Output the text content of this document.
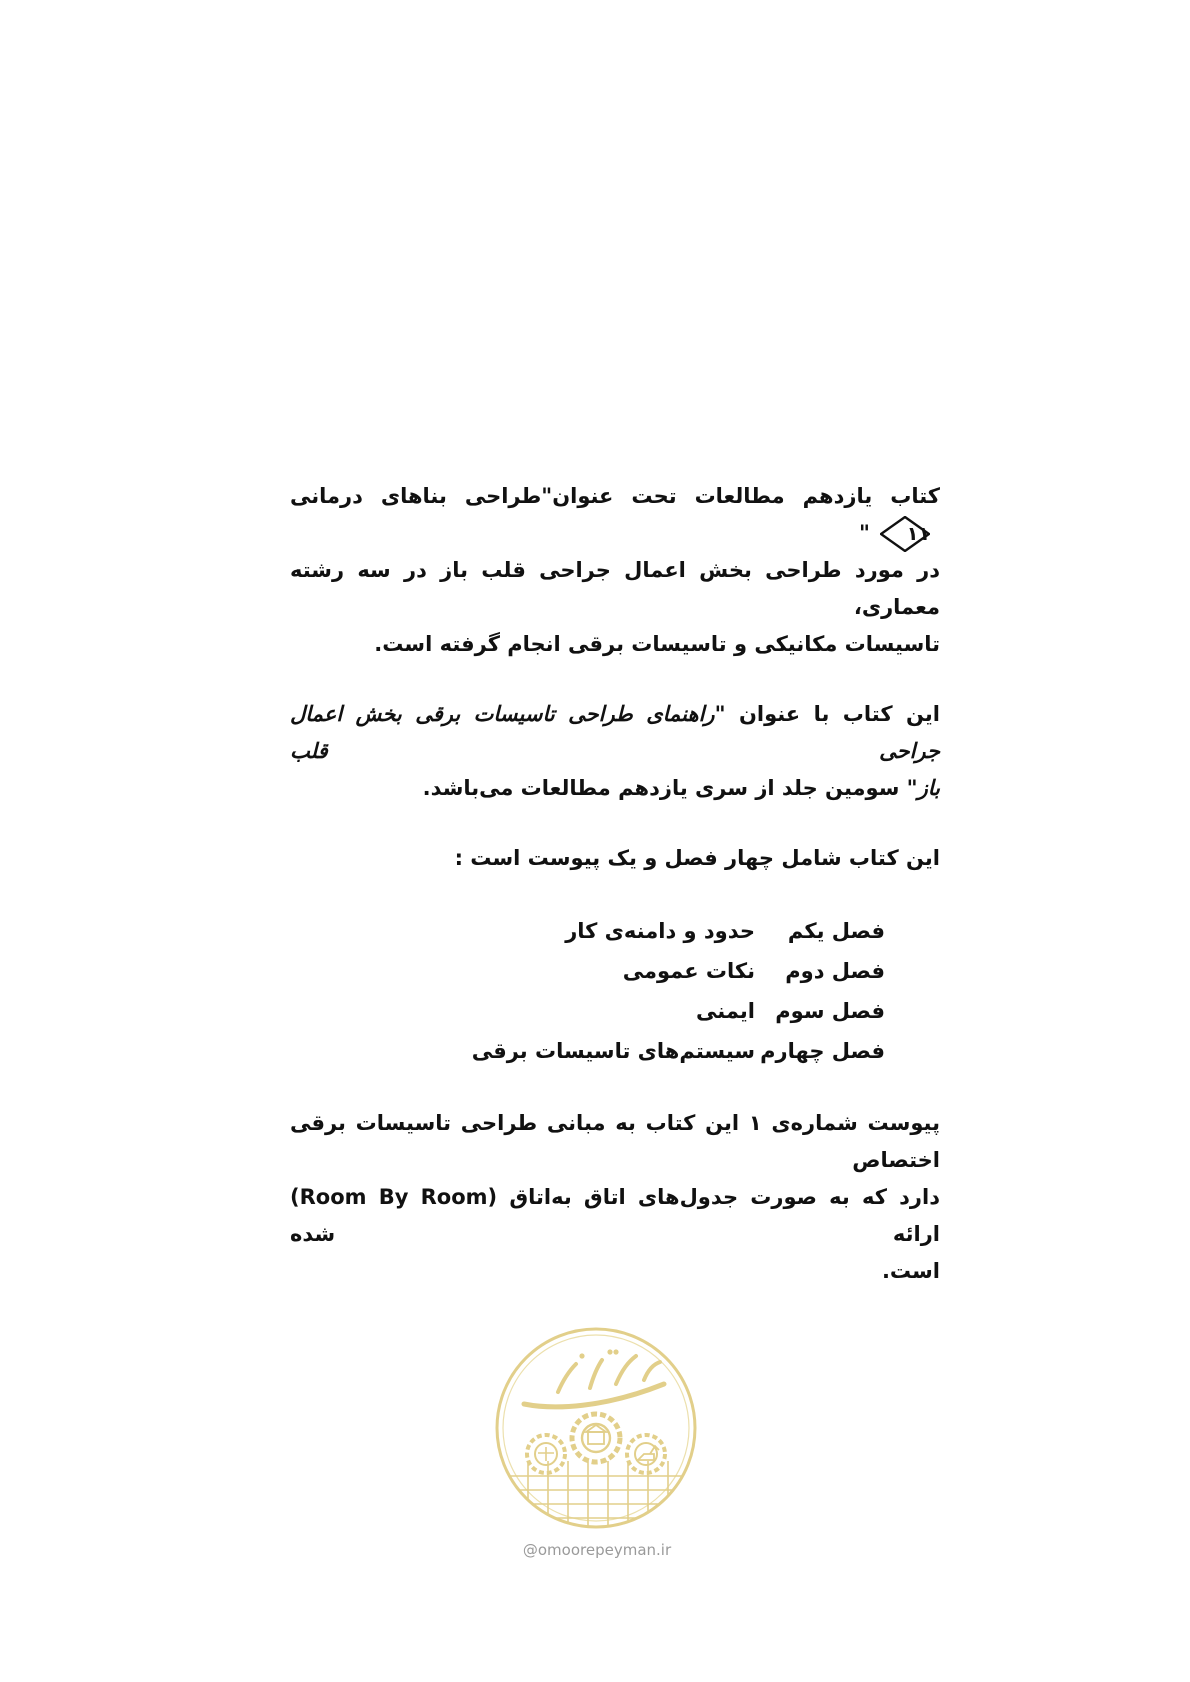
کتاب یازدهم مطالعات تحت عنوان"طراحی بناهای درمانی
۱۱
"
در مورد طراحی بخش اعمال جراحی قلب باز در سه رشته معماری،
تاسیسات مکانیکی و تاسیسات برقی انجام گرفته است.

این کتاب با عنوان "راهنمای طراحی تاسیسات برقی بخش اعمال جراحی قلب
باز" سومین جلد از سری یازدهم مطالعات می‌باشد.

این کتاب شامل چهار فصل و یک پیوست است :

فصل یکم
حدود و دامنه‌ی کار
فصل دوم
نکات عمومی
فصل سوم
ایمنی
فصل چهارم
سیستم‌های تاسیسات برقی

پیوست شماره‌ی ۱ این کتاب به مبانی طراحی تاسیسات برقی اختصاص
دارد که به صورت جدول‌های اتاق به‌اتاق (Room By Room) ارائه شده
است.

@omoorepeyman.ir
